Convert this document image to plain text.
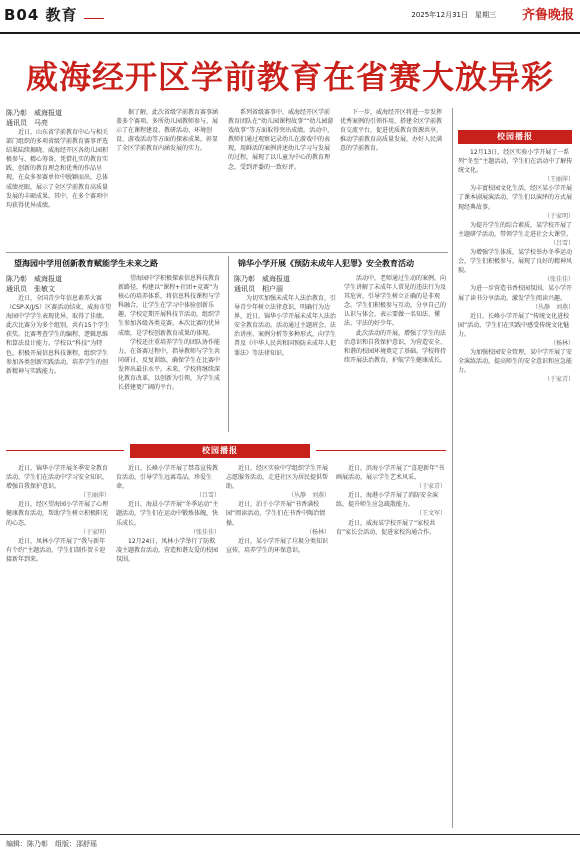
B04 教育	2025年12月31日　星期三 齐鲁晚报
威海经开区学前教育在省赛大放异彩

陈乃彰　威海报道

通讯员　马亮

近日，山东省学前教育中心与相关部门组织的多项省级学前教育赛事评选结果陆续揭晓，威海经开区各幼儿园积极参与、精心筹备，凭借扎实的教育实践、创新的教育理念和优秀的作品呈现，在众多参赛单位中脱颖而出，总体成绩亮眼，展示了全区学前教育高质量发展的丰硕成果。其中，在多个赛项中均获得优异成绩。

据了解，此次省级学前教育赛事涵盖多个赛项。多所幼儿园教师参与，展示了在课程建设、教研活动、环境创设、游戏活动等方面的探索成果，彰显了全区学前教育内涵发展的实力。

系列省级赛事中，威海经开区学前教育团队在“幼儿园课程故事”“幼儿园游戏故事”等方面取得突出成绩。活动中，教师们通过观察记录幼儿在游戏中的表现，用鲜活的案例讲述幼儿学习与发展的过程，展现了以儿童为中心的教育理念，受到评委的一致好评。

下一步，威海经开区将进一步发挥优秀案例的引领作用，搭建全区学前教育交流平台，促进优质教育资源共享，推动学前教育高质量发展，办好人民满意的学前教育。

望海园中学用创新教育赋能学生未来之路

陈乃彰　威海报道

通讯员　张敏文

近日，全国青少年信息素养大赛（CSP-X/J/S）区赛活动结束，威海市望海园中学学生表现优异，取得了佳绩。此次比赛分为多个组别，共有15个学生获奖。比赛考查学生的编程、逻辑思维和算法设计能力。学校以“科技”为特色，积极开展信息科技课程，组织学生参加各类创新实践活动，培养学生的创新精神与实践能力。

望海园中学积极探索信息科技教育新路径，构建以“课程+社团+竞赛”为核心的培养体系，将信息科技课程与学科融合，让学生在学习中体验创新乐趣。学校定期开展科技节活动，组织学生参加各级各类竞赛。本次比赛的优异成绩，是学校创新教育成果的体现。

学校还注重培养学生的团队协作能力，在备赛过程中，指导教师与学生共同研讨、反复训练，确保学生在比赛中发挥出最佳水平。未来，学校将继续深化教育改革，以创新为引领，为学生成长搭建更广阔的平台。

锦华小学开展《预防未成年人犯罪》安全教育活动

陈乃彰　威海报道

通讯员　相户丽

为切实加强未成年人法治教育，引导青少年树立法律意识，明确行为边界，近日，锦华小学开展未成年人法治安全教育活动。活动通过主题班会、法治讲座、案例分析等多种形式，向学生普及《中华人民共和国预防未成年人犯罪法》等法律知识。

活动中，老师通过生动的案例，向学生讲解了未成年人常见的违法行为及其危害，引导学生树立正确的是非观念。学生们积极参与互动，分享自己的认识与体会，表示要做一名知法、懂法、守法的好少年。

此次活动的开展，增强了学生的法治意识和自我保护意识，为营造安全、和谐的校园环境奠定了基础。学校将持续开展法治教育，护航学生健康成长。

校园播报

12月13日，经区实验小学开展了一系列“冬至”主题活动，学生们在活动中了解传统文化。

（王丽萍）

为丰富校园文化生活，经区某小学开展了课本剧展演活动，学生们以演绎的方式展现经典故事。

（于家明）

为提升学生的综合素质，某学校开展了主题研学活动，带领学生走进社会大课堂。

（吕雪）

为增强学生体质，某学校举办冬季运动会，学生们积极参与，展现了良好的精神风貌。

（张佳佳）

为进一步营造书香校园氛围，某小学开展了读书分享活动，激发学生阅读兴趣。

（丛静　刘燕）

近日，长峰小学开展了“传统文化进校园”活动，学生们在实践中感受传统文化魅力。

（杨林）

为加强校园安全管理，某中学开展了安全演练活动，提高师生的安全意识和应急能力。

（于家青）

校园播报

近日，锦华小学开展冬季安全教育活动，学生们在活动中学习安全知识，增强自我保护意识。

（王丽萍）

近日，经区望海园小学开展了心理健康教育活动，帮助学生树立积极阳光的心态。

（于家明）

近日，凤林小学开展了“我与新年有个约”主题活动，学生们制作贺卡迎接新年到来。

近日，长峰小学开展了禁毒宣传教育活动，引导学生远离毒品，珍爱生命。

（吕雪）

近日，海晨小学开展“冬季运动”主题活动，学生们在运动中锻炼体魄，快乐成长。

（张佳佳）

12月24日，凤林小学举行了防欺凌主题教育活动，营造和谐友爱的校园氛围。

近日，经区实验中学组织学生开展志愿服务活动，走进社区为居民提供帮助。

（丛静　刘燕）

近日，泊于小学开展“书香满校园”阅读活动，学生们在书香中陶冶情操。

（杨林）

近日，某小学开展了垃圾分类知识宣传，培养学生的环保意识。

近日，滨海小学开展了“喜迎新年”书画展活动，展示学生艺术风采。

（于家青）

近日，海港小学开展了消防安全演练，提升师生应急疏散能力。

（王文军）

近日，威海某学校开展了“家校共育”家长会活动，促进家校沟通合作。

编辑：陈乃彰　组版：邵舒瑶
